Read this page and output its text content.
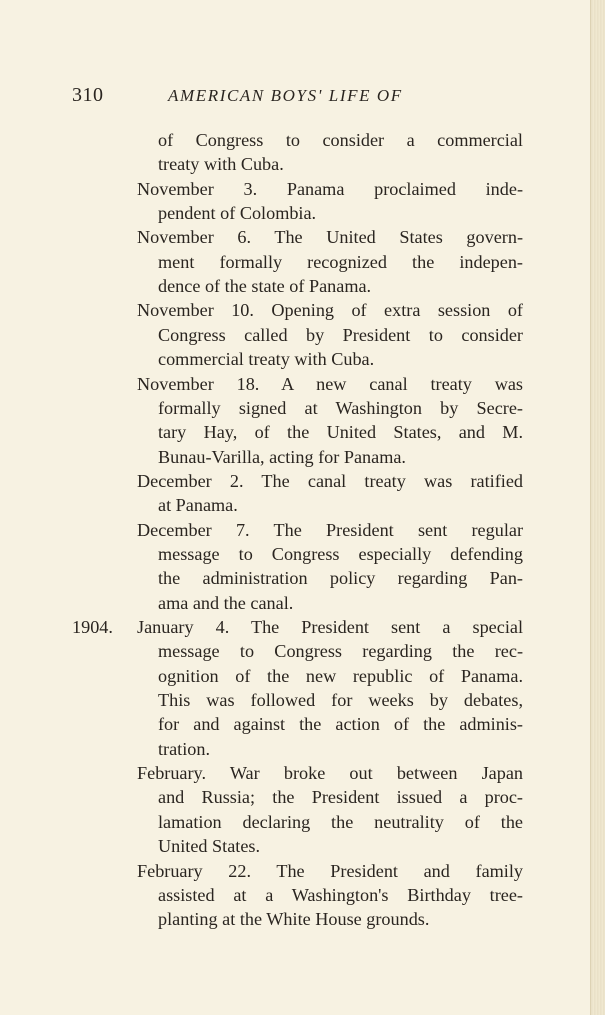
310	AMERICAN BOYS' LIFE OF
of Congress to consider a commercial
treaty with Cuba.
November 3. Panama proclaimed inde-
pendent of Colombia.
November 6. The United States govern-
ment formally recognized the indepen-
dence of the state of Panama.
November 10. Opening of extra session of
Congress called by President to consider
commercial treaty with Cuba.
November 18. A new canal treaty was
formally signed at Washington by Secre-
tary Hay, of the United States, and M.
Bunau-Varilla, acting for Panama.
December 2. The canal treaty was ratified
at Panama.
December 7. The President sent regular
message to Congress especially defending
the administration policy regarding Pan-
ama and the canal.
1904. January 4. The President sent a special
message to Congress regarding the rec-
ognition of the new republic of Panama.
This was followed for weeks by debates,
for and against the action of the adminis-
tration.
February. War broke out between Japan
and Russia; the President issued a proc-
lamation declaring the neutrality of the
United States.
February 22. The President and family
assisted at a Washington's Birthday tree-
planting at the White House grounds.
